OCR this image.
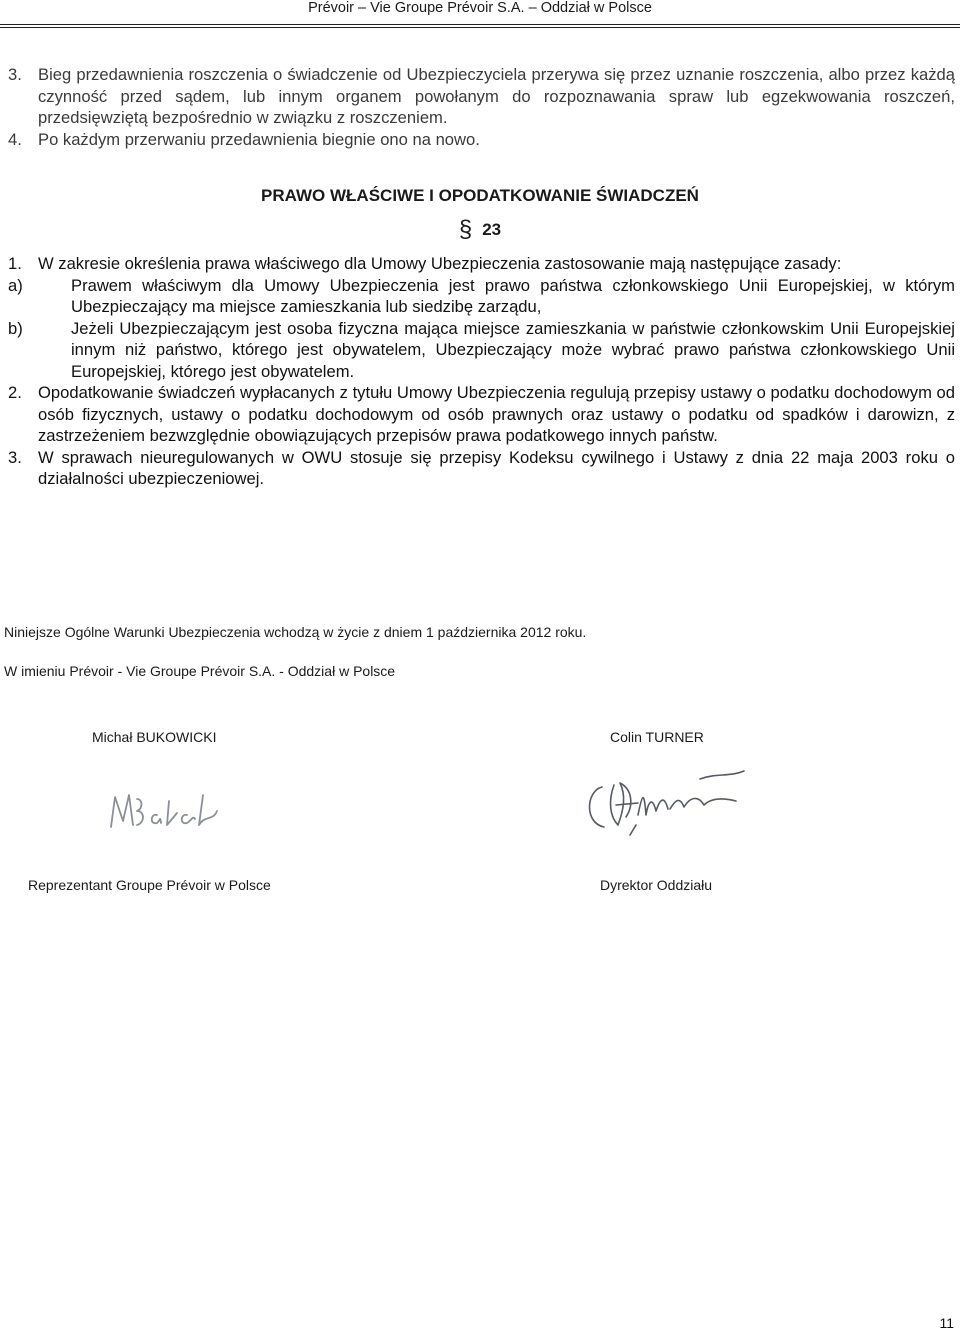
Prévoir – Vie Groupe Prévoir S.A. – Oddział w Polsce
3. Bieg przedawnienia roszczenia o świadczenie od Ubezpieczyciela przerywa się przez uznanie roszczenia, albo przez każdą czynność przed sądem, lub innym organem powołanym do rozpoznawania spraw lub egzekwowania roszczeń, przedsięwziętą bezpośrednio w związku z roszczeniem.
4. Po każdym przerwaniu przedawnienia biegnie ono na nowo.
PRAWO WŁAŚCIWE I OPODATKOWANIE ŚWIADCZEŃ
§ 23
1. W zakresie określenia prawa właściwego dla Umowy Ubezpieczenia zastosowanie mają następujące zasady:
a)	Prawem właściwym dla Umowy Ubezpieczenia jest prawo państwa członkowskiego Unii Europejskiej, w którym Ubezpieczający ma miejsce zamieszkania lub siedzibę zarządu,
b)	Jeżeli Ubezpieczającym jest osoba fizyczna mająca miejsce zamieszkania w państwie członkowskim Unii Europejskiej innym niż państwo, którego jest obywatelem, Ubezpieczający może wybrać prawo państwa członkowskiego Unii Europejskiej, którego jest obywatelem.
2. Opodatkowanie świadczeń wypłacanych z tytułu Umowy Ubezpieczenia regulują przepisy ustawy o podatku dochodowym od osób fizycznych, ustawy o podatku dochodowym od osób prawnych oraz ustawy o podatku od spadków i darowizn, z zastrzeżeniem bezwzględnie obowiązujących przepisów prawa podatkowego innych państw.
3. W sprawach nieuregulowanych w OWU stosuje się przepisy Kodeksu cywilnego i Ustawy z dnia 22 maja 2003 roku o działalności ubezpieczeniowej.
Niniejsze Ogólne Warunki Ubezpieczenia wchodzą w życie z dniem 1 października 2012 roku.
W imieniu Prévoir - Vie Groupe Prévoir S.A. - Oddział w Polsce
Michał BUKOWICKI	Colin TURNER
Reprezentant Groupe Prévoir w Polsce	Dyrektor Oddziału
11
